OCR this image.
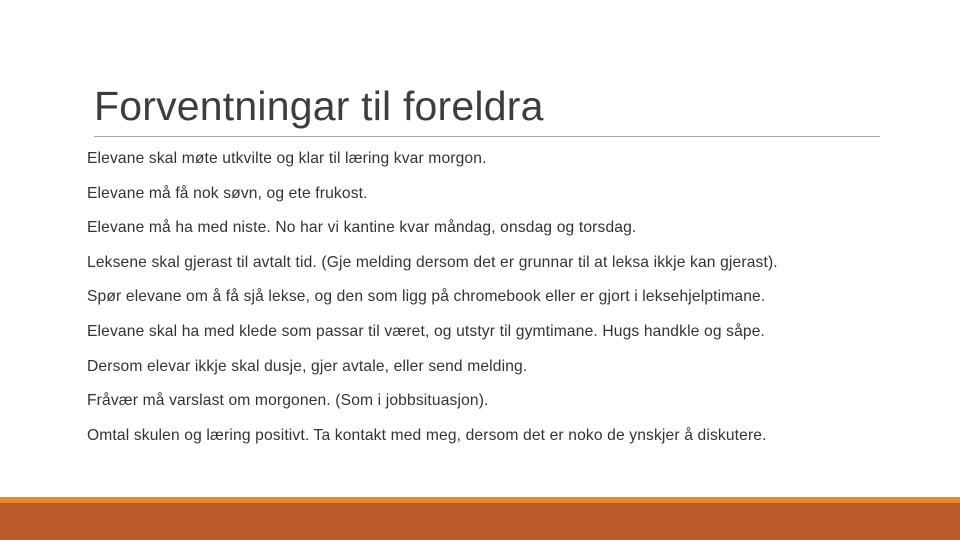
Forventningar til foreldra
Elevane skal møte utkvilte og klar til læring kvar morgon.
Elevane må få nok søvn, og ete frukost.
Elevane må ha med niste. No har vi kantine kvar måndag, onsdag og torsdag.
Leksene skal gjerast til avtalt tid. (Gje melding dersom det er grunnar til at leksa ikkje kan gjerast).
Spør elevane om å få sjå lekse, og den som ligg på chromebook eller er gjort i leksehjelptimane.
Elevane skal ha med klede som passar til været, og utstyr til gymtimane. Hugs handkle og såpe.
Dersom elevar ikkje skal dusje, gjer avtale, eller send melding.
Fråvær må varslast om morgonen. (Som i jobbsituasjon).
Omtal skulen og læring positivt. Ta kontakt med meg, dersom det er noko de ynskjer å diskutere.
